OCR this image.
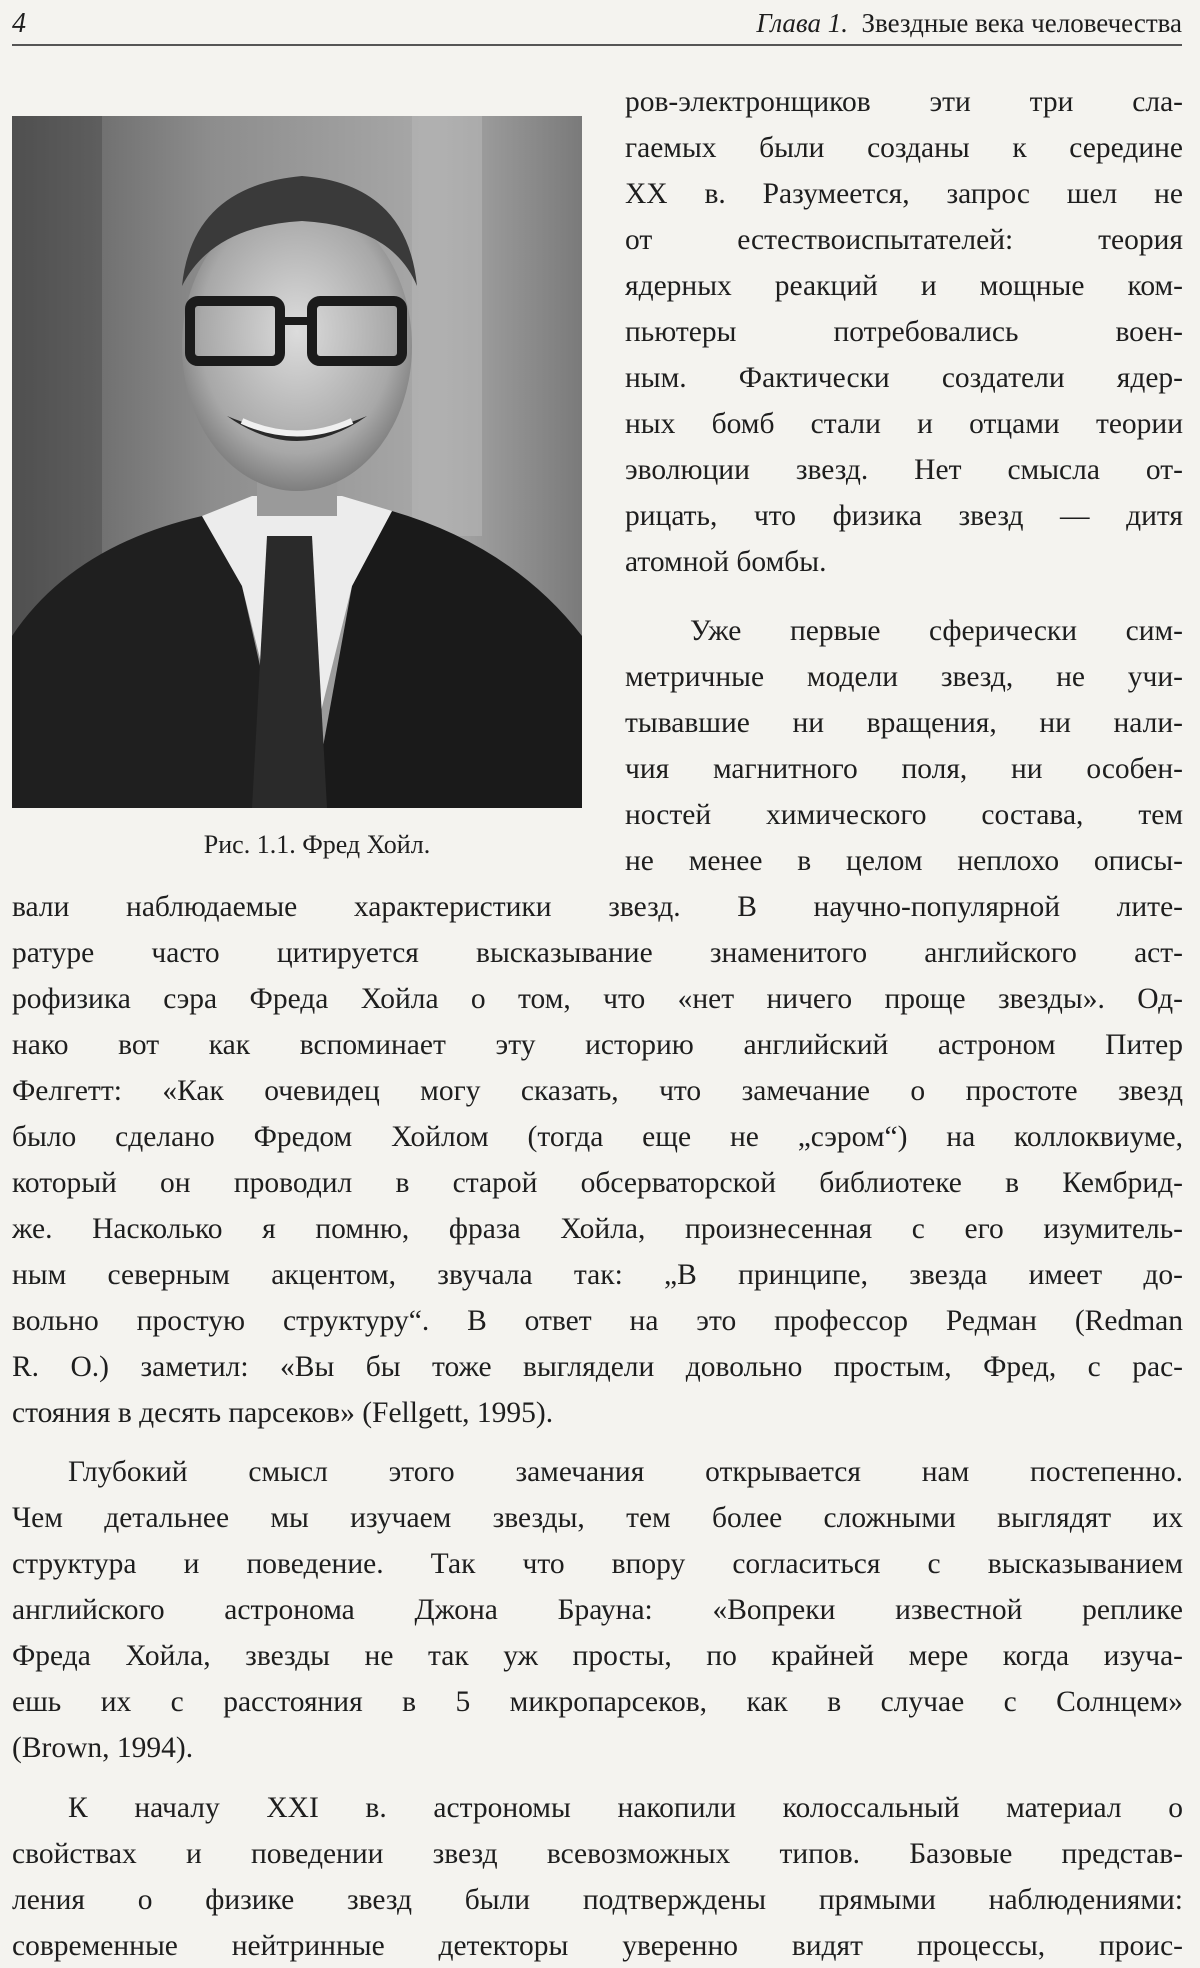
4	Глава 1. Звездные века человечества
Рис. 1.1. Фред Хойл.
ров-электронщиков эти три сла-
гаемых были созданы к середине
XX в. Разумеется, запрос шел не
от естествоиспытателей: теория
ядерных реакций и мощные ком-
пьютеры потребовались воен-
ным. Фактически создатели ядер-
ных бомб стали и отцами теории
эволюции звезд. Нет смысла от-
рицать, что физика звезд — дитя
атомной бомбы.
Уже первые сферически сим-
метричные модели звезд, не учи-
тывавшие ни вращения, ни нали-
чия магнитного поля, ни особен-
ностей химического состава, тем
не менее в целом неплохо описы-
вали наблюдаемые характеристики звезд. В научно-популярной лите-
ратуре часто цитируется высказывание знаменитого английского аст-
рофизика сэра Фреда Хойла о том, что «нет ничего проще звезды». Од-
нако вот как вспоминает эту историю английский астроном Питер
Фелгетт: «Как очевидец могу сказать, что замечание о простоте звезд
было сделано Фредом Хойлом (тогда еще не „сэром“) на коллоквиуме,
который он проводил в старой обсерваторской библиотеке в Кембрид-
же. Насколько я помню, фраза Хойла, произнесенная с его изумитель-
ным северным акцентом, звучала так: „В принципе, звезда имеет до-
вольно простую структуру“. В ответ на это профессор Редман (Redman
R. O.) заметил: «Вы бы тоже выглядели довольно простым, Фред, с рас-
стояния в десять парсеков» (Fellgett, 1995).
Глубокий смысл этого замечания открывается нам постепенно.
Чем детальнее мы изучаем звезды, тем более сложными выглядят их
структура и поведение. Так что впору согласиться с высказыванием
английского астронома Джона Брауна: «Вопреки известной реплике
Фреда Хойла, звезды не так уж просты, по крайней мере когда изуча-
ешь их с расстояния в 5 микропарсеков, как в случае с Солнцем»
(Brown, 1994).
К началу XXI в. астрономы накопили колоссальный материал о
свойствах и поведении звезд всевозможных типов. Базовые представ-
ления о физике звезд были подтверждены прямыми наблюдениями:
современные нейтринные детекторы уверенно видят процессы, проис-
